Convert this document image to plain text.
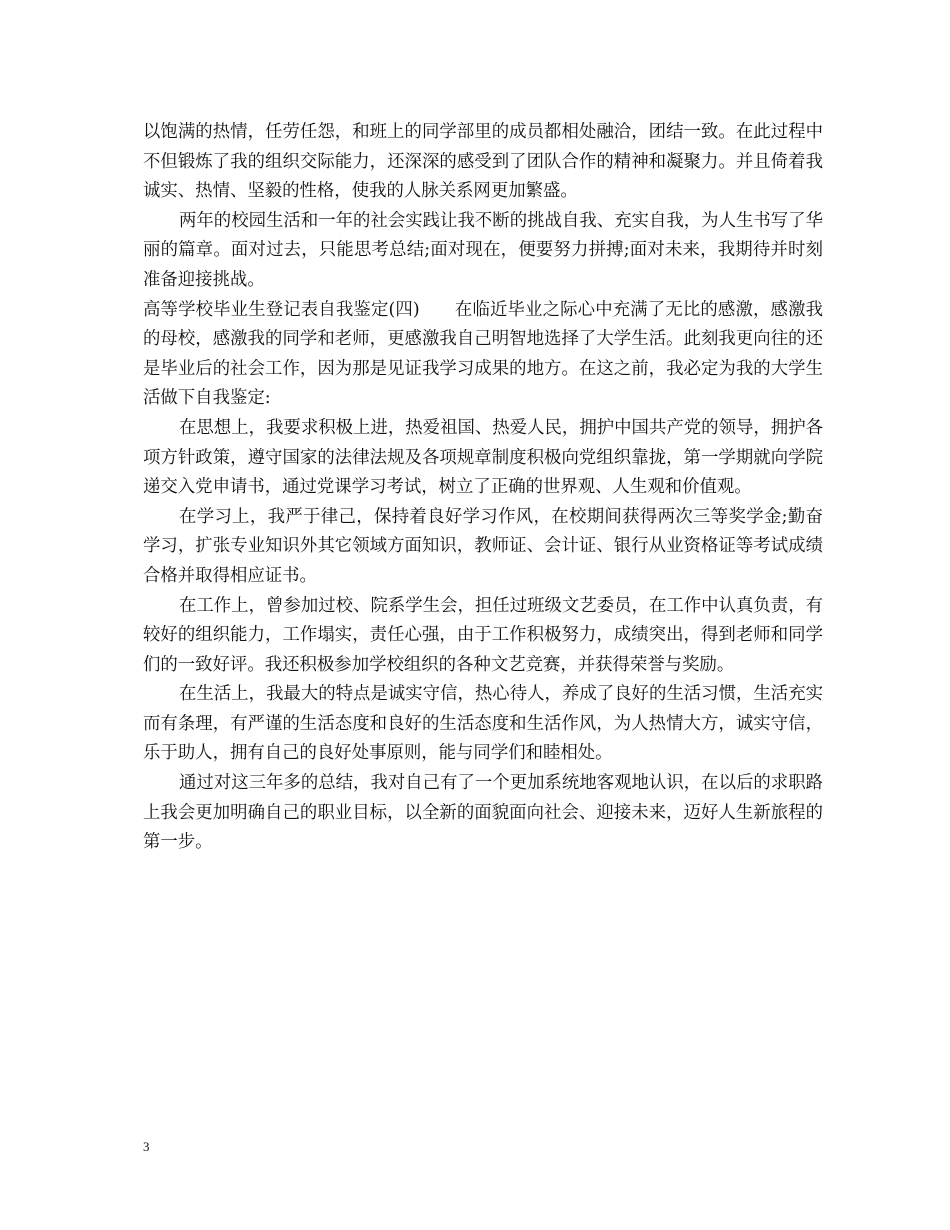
以饱满的热情，任劳任怨，和班上的同学部里的成员都相处融洽，团结一致。在此过程中不但锻炼了我的组织交际能力，还深深的感受到了团队合作的精神和凝聚力。并且倚着我诚实、热情、坚毅的性格，使我的人脉关系网更加繁盛。

两年的校园生活和一年的社会实践让我不断的挑战自我、充实自我，为人生书写了华丽的篇章。面对过去，只能思考总结;面对现在，便要努力拼搏;面对未来，我期待并时刻准备迎接挑战。

高等学校毕业生登记表自我鉴定(四)　　在临近毕业之际心中充满了无比的感激，感激我的母校，感激我的同学和老师，更感激我自己明智地选择了大学生活。此刻我更向往的还是毕业后的社会工作，因为那是见证我学习成果的地方。在这之前，我必定为我的大学生活做下自我鉴定:

在思想上，我要求积极上进，热爱祖国、热爱人民，拥护中国共产党的领导，拥护各项方针政策，遵守国家的法律法规及各项规章制度积极向党组织靠拢，第一学期就向学院递交入党申请书，通过党课学习考试，树立了正确的世界观、人生观和价值观。

在学习上，我严于律己，保持着良好学习作风，在校期间获得两次三等奖学金;勤奋学习，扩张专业知识外其它领域方面知识，教师证、会计证、银行从业资格证等考试成绩合格并取得相应证书。

在工作上，曾参加过校、院系学生会，担任过班级文艺委员，在工作中认真负责，有较好的组织能力，工作塌实，责任心强，由于工作积极努力，成绩突出，得到老师和同学们的一致好评。我还积极参加学校组织的各种文艺竞赛，并获得荣誉与奖励。

在生活上，我最大的特点是诚实守信，热心待人，养成了良好的生活习惯，生活充实而有条理，有严谨的生活态度和良好的生活态度和生活作风，为人热情大方，诚实守信，乐于助人，拥有自己的良好处事原则，能与同学们和睦相处。

通过对这三年多的总结，我对自己有了一个更加系统地客观地认识，在以后的求职路上我会更加明确自己的职业目标，以全新的面貌面向社会、迎接未来，迈好人生新旅程的第一步。

3
